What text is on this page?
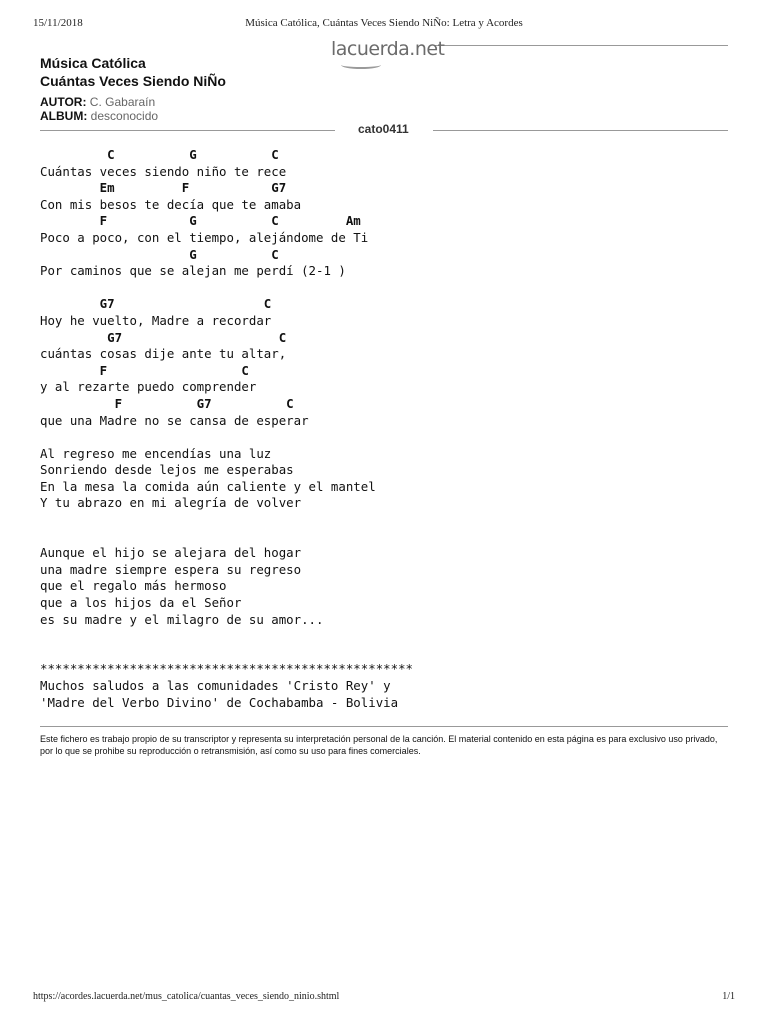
15/11/2018	Música Católica, Cuántas Veces Siendo NiÑo: Letra y Acordes
lacuerda.net
Música Católica
Cuántas Veces Siendo NiÑo
AUTOR: C. Gabaraín
ALBUM: desconocido
cato0411
C          G          C
Cuántas veces siendo niño te rece
Em         F           G7
Con mis besos te decía que te amaba
F           G          C         Am
Poco a poco, con el tiempo, alejándome de Ti
G          C
Por caminos que se alejan me perdí (2-1 )

G7                    C
Hoy he vuelto, Madre a recordar
G7                     C
cuántas cosas dije ante tu altar,
F                  C
y al rezarte puedo comprender
F          G7          C
que una Madre no se cansa de esperar

Al regreso me encendías una luz
Sonriendo desde lejos me esperabas
En la mesa la comida aún caliente y el mantel
Y tu abrazo en mi alegría de volver

Aunque el hijo se alejara del hogar
una madre siempre espera su regreso
que el regalo más hermoso
que a los hijos da el Señor
es su madre y el milagro de su amor...

**************************************************
Muchos saludos a las comunidades 'Cristo Rey' y
'Madre del Verbo Divino' de Cochabamba - Bolivia
Este fichero es trabajo propio de su transcriptor y representa su interpretación personal de la canción. El material contenido en esta página es para exclusivo uso privado, por lo que se prohibe su reproducción o retransmisión, así como su uso para fines comerciales.
https://acordes.lacuerda.net/mus_catolica/cuantas_veces_siendo_ninio.shtml	1/1
